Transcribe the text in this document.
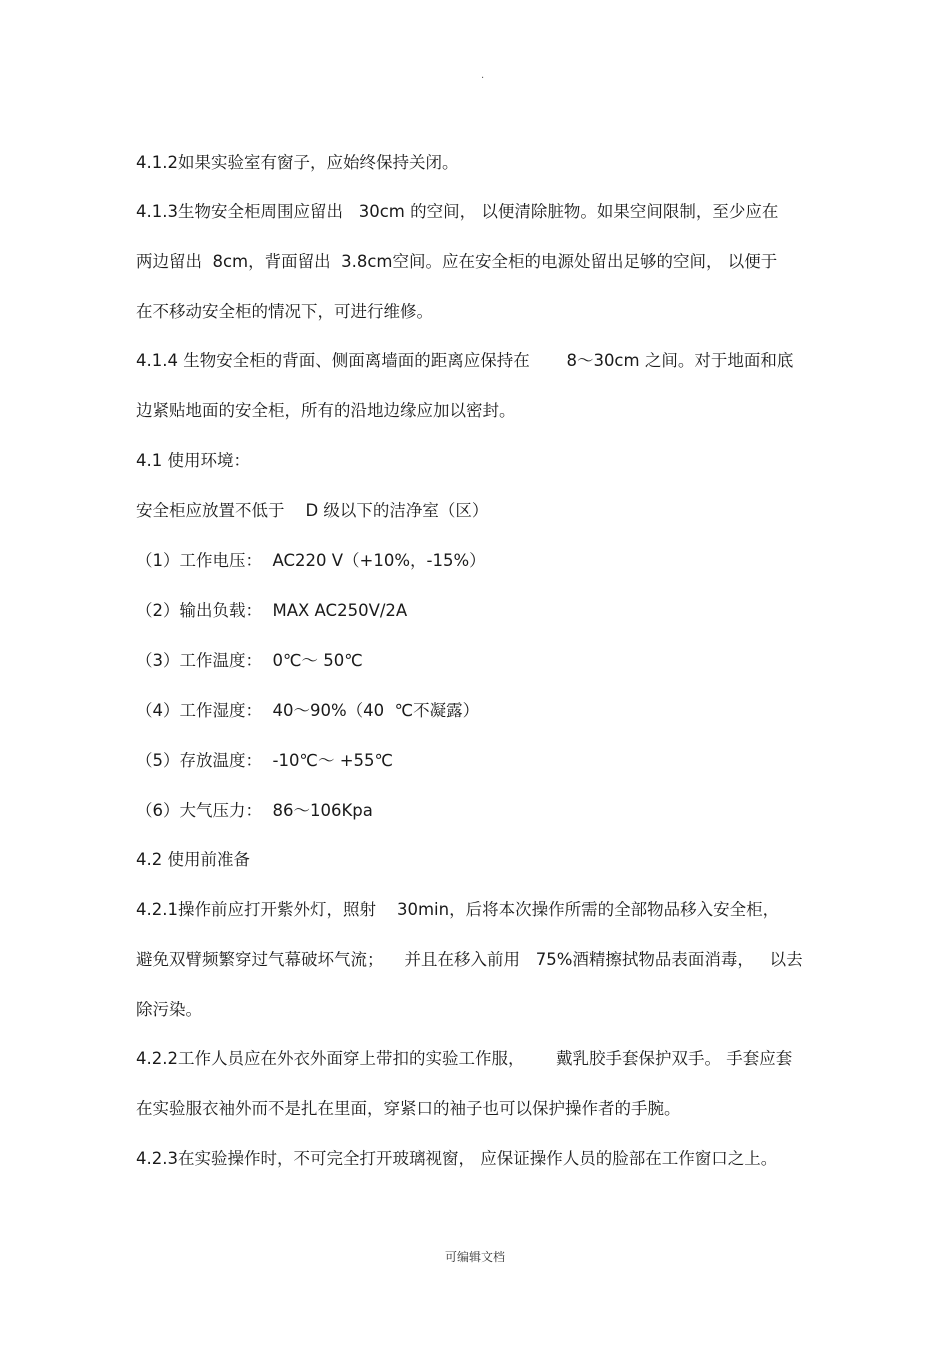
.
4.1.2如果实验室有窗子，应始终保持关闭。
4.1.3生物安全柜周围应留出   30cm 的空间， 以便清除脏物。如果空间限制，至少应在
两边留出  8cm，背面留出  3.8cm空间。应在安全柜的电源处留出足够的空间， 以便于
在不移动安全柜的情况下，可进行维修。
4.1.4 生物安全柜的背面、侧面离墙面的距离应保持在       8～30cm 之间。对于地面和底
边紧贴地面的安全柜，所有的沿地边缘应加以密封。
4.1 使用环境：
安全柜应放置不低于    D 级以下的洁净室（区）
（1）工作电压：  AC220 V（+10%，-15%）
（2）输出负载：  MAX AC250V/2A
（3）工作温度：  0℃～ 50℃
（4）工作湿度：  40～90%（40  ℃不凝露）
（5）存放温度：  -10℃～ +55℃
（6）大气压力：  86～106Kpa
4.2 使用前准备
4.2.1操作前应打开紫外灯，照射    30min，后将本次操作所需的全部物品移入安全柜，
避免双臂频繁穿过气幕破坏气流；    并且在移入前用   75%酒精擦拭物品表面消毒，   以去
除污染。
4.2.2工作人员应在外衣外面穿上带扣的实验工作服，      戴乳胶手套保护双手。 手套应套
在实验服衣袖外而不是扎在里面，穿紧口的袖子也可以保护操作者的手腕。
4.2.3在实验操作时，不可完全打开玻璃视窗， 应保证操作人员的脸部在工作窗口之上。
可编辑文档
